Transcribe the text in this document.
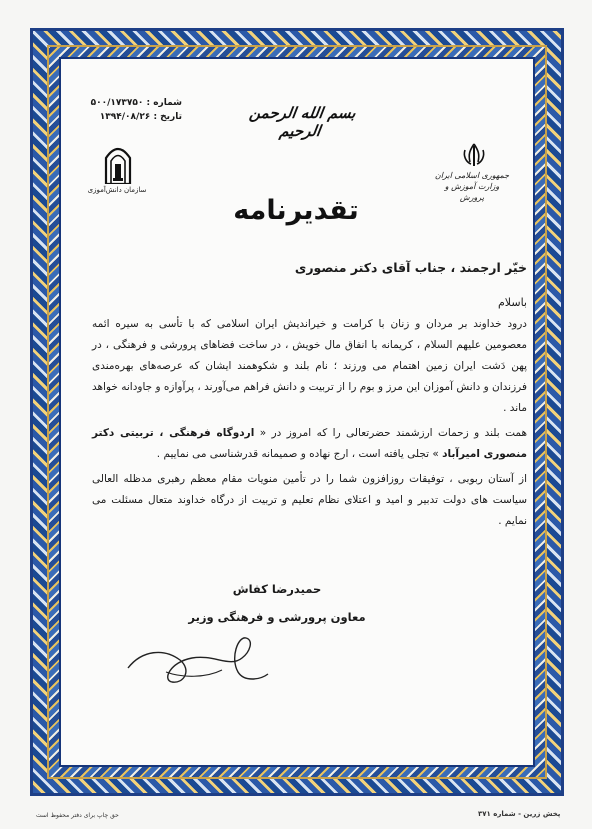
شماره : ۵۰۰/۱۷۳۷۵۰
تاریخ : ۱۳۹۴/۰۸/۲۶	بسم الله الرحمن الرحیم
سازمان دانش‌آموزی
جمهوری اسلامی ایران
وزارت آموزش و پرورش
تقدیرنامه
خیّر ارجمند ، جناب آقای دکتر منصوری
باسلام

درود خداوند بر مردان و زنان با کرامت و خیراندیش ایران اسلامی که با تأسی به سیره ائمه معصومین علیهم السلام ، کریمانه با انفاق مال خویش ، در ساخت فضاهای پرورشی و فرهنگی ، در پهن دَشت ایران زمین اهتمام می ورزند ؛ نام بلند و شکوهمند ایشان که عرصه‌های بهره‌مندی فرزندان و دانش آموزان این مرز و بوم را از تربیت و دانش فراهم می‌آورند ، پرآوازه و جاودانه خواهد ماند .

همت بلند و زحمات ارزشمند حضرتعالی را که امروز در « اردوگاه فرهنگی ، تربیتی دکتر منصوری امیرآباد » تجلی یافته است ، ارج نهاده و صمیمانه قدرشناسی می نماییم .

از آستان ربوبی ، توفیقات روزافزون شما را در تأمین منویات مقام معظم رهبری مدظله العالی سیاست های دولت تدبیر و امید و اعتلای نظام تعلیم و تربیت از درگاه خداوند متعال مسئلت می نمایم .

حمیدرضا کفاش
معاون پرورشی و فرهنگی وزیر
حق چاپ برای دفتر محفوظ است	پخش زرین - شماره ۳۷۱
